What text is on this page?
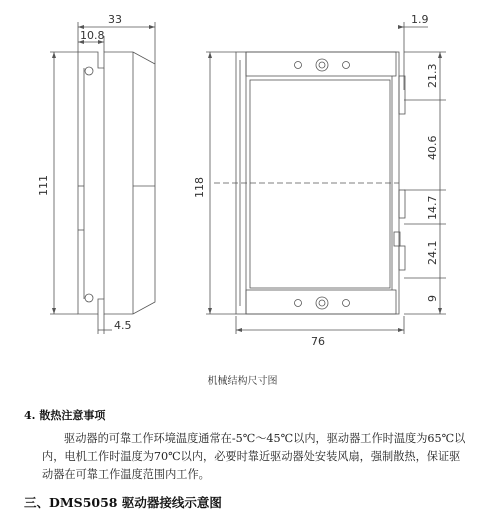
33
10.8
111
4.5
1.9
118
76
21.3
40.6
14.7
24.1
9
机械结构尺寸图
4. 散热注意事项
驱动器的可靠工作环境温度通常在-5℃～45℃以内，驱动器工作时温度为65℃以内，电机工作时温度为70℃以内，必要时靠近驱动器处安装风扇，强制散热，保证驱动器在可靠工作温度范围内工作。
三、DMS5058 驱动器接线示意图
